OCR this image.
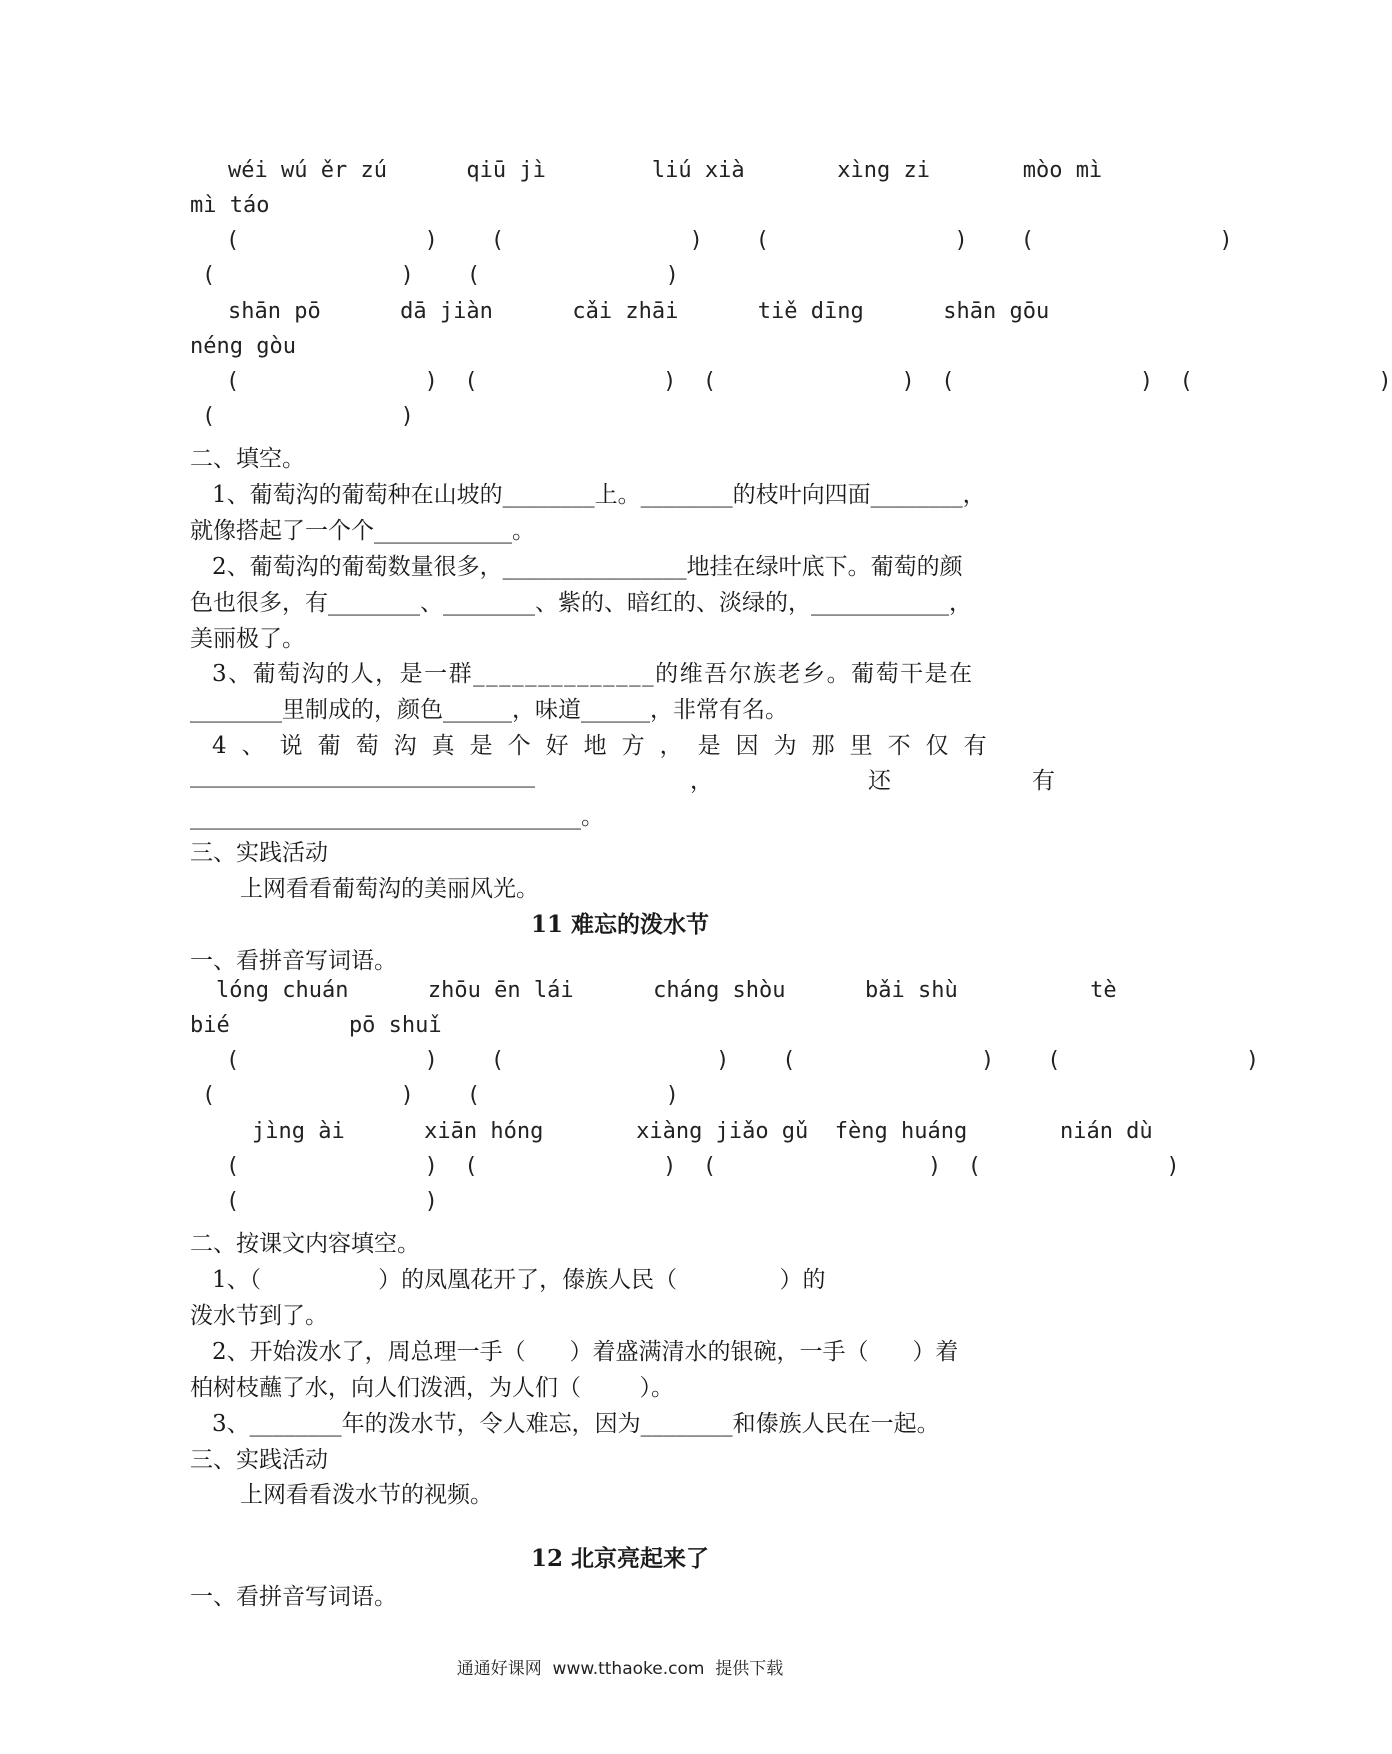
wéi wú ěr zú      qiū jì        liú xià       xìng zi       mòo mì
mì táo
(              )    (              )    (              )    (              )
(              )    (              )
shān pō      dā jiàn      cǎi zhāi      tiě dīng      shān gōu
néng gòu
(              )  (              )  (              )  (              )  (              )
(              )
二、填空。
1、葡萄沟的葡萄种在山坡的________上。________的枝叶向四面________，
就像搭起了一个个____________。
2、葡萄沟的葡萄数量很多，________________地挂在绿叶底下。葡萄的颜
色也很多，有________、________、紫的、暗红的、淡绿的，____________，
美丽极了。
3、葡萄沟的人，是一群______________的维吾尔族老乡。葡萄干是在
________里制成的，颜色______，味道______，非常有名。
4、说葡萄沟真是个好地方，是因为那里不仅有
______________________________	，	还	有
__________________________________。
三、实践活动
上网看看葡萄沟的美丽风光。
11 难忘的泼水节
一、看拼音写词语。
lóng chuán      zhōu ēn lái      cháng shòu      bǎi shù          tè
bié         pō shuǐ
(              )    (                )    (              )    (              )
(              )    (              )
jìng ài      xiān hóng       xiàng jiǎo gǔ  fèng huáng       nián dù
(              )  (              )  (                )  (              )
(              )
二、按课文内容填空。
1、（                ）的凤凰花开了，傣族人民（              ）的
泼水节到了。
2、开始泼水了，周总理一手（      ）着盛满清水的银碗，一手（      ）着
柏树枝蘸了水，向人们泼洒，为人们（        ）。
3、________年的泼水节，令人难忘，因为________和傣族人民在一起。
三、实践活动
上网看看泼水节的视频。
12 北京亮起来了
一、看拼音写词语。
通通好课网  www.tthaoke.com  提供下载
